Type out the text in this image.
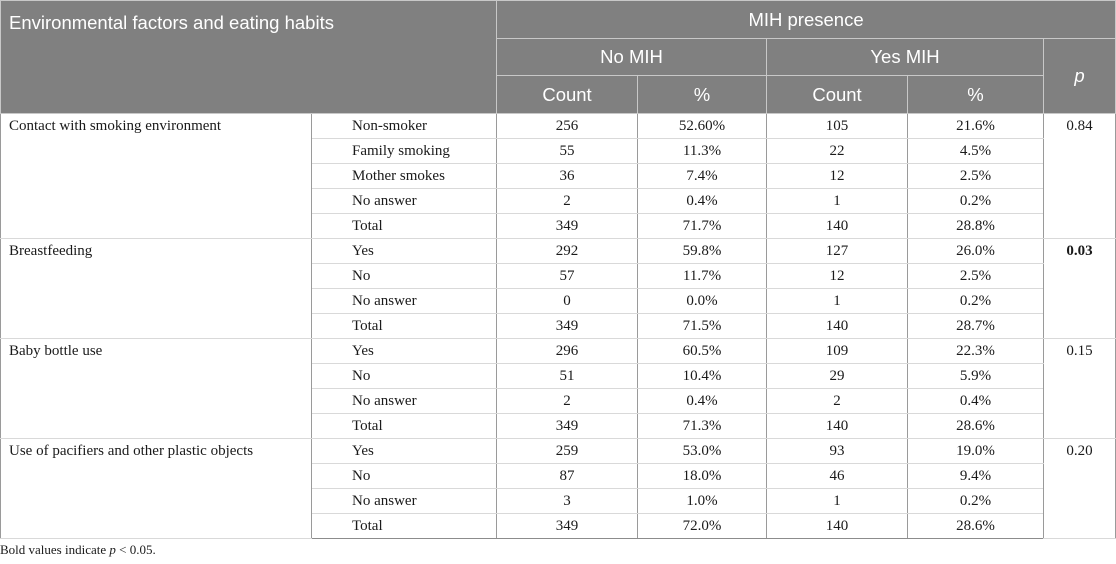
Environmental factors and eating habits		MIH presence				
		No MIH		Yes MIH		p
		Count	%	Count	%	
Contact with smoking environment	Non-smoker	256	52.60%	105	21.6%	0.84
	Family smoking	55	11.3%	22	4.5%	
	Mother smokes	36	7.4%	12	2.5%	
	No answer	2	0.4%	1	0.2%	
	Total	349	71.7%	140	28.8%	
Breastfeeding	Yes	292	59.8%	127	26.0%	0.03
	No	57	11.7%	12	2.5%	
	No answer	0	0.0%	1	0.2%	
	Total	349	71.5%	140	28.7%	
Baby bottle use	Yes	296	60.5%	109	22.3%	0.15
	No	51	10.4%	29	5.9%	
	No answer	2	0.4%	2	0.4%	
	Total	349	71.3%	140	28.6%	
Use of pacifiers and other plastic objects	Yes	259	53.0%	93	19.0%	0.20
	No	87	18.0%	46	9.4%	
	No answer	3	1.0%	1	0.2%	
	Total	349	72.0%	140	28.6%	
Bold values indicate p < 0.05.
